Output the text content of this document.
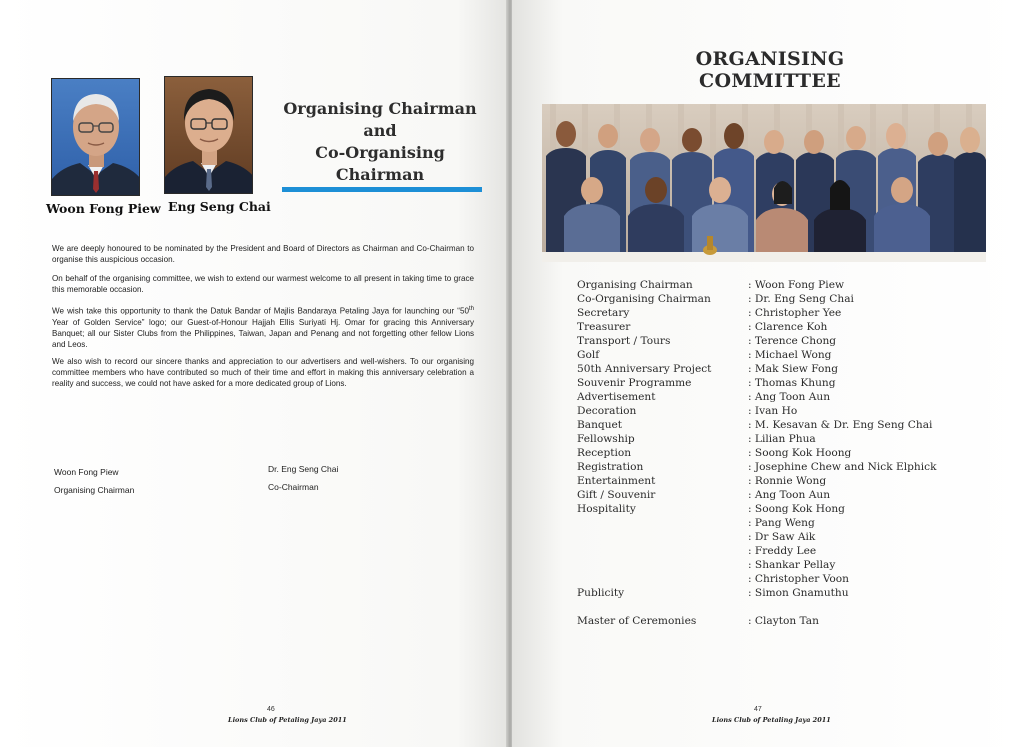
Woon Fong Piew Eng Seng Chai
Organising Chairman
and
Co-Organising Chairman

We are deeply honoured to be nominated by the President and Board of Directors as Chairman and Co-Chairman to organise this auspicious occasion.

On behalf of the organising committee, we wish to extend our warmest welcome to all present in taking time to grace this memorable occasion.

We wish take this opportunity to thank the Datuk Bandar of Majlis Bandaraya Petaling Jaya for launching our “50th Year of Golden Service” logo; our Guest-of-Honour Hajjah Ellis Suriyati Hj. Omar for gracing this Anniversary Banquet; all our Sister Clubs from the Philippines, Taiwan, Japan and Penang and not forgetting other fellow Lions and Leos.

We also wish to record our sincere thanks and appreciation to our advertisers and well-wishers. To our organising committee members who have contributed so much of their time and effort in making this anniversary celebration a reality and success, we could not have asked for a more dedicated group of Lions.

Woon Fong Piew
Organising Chairman
Dr. Eng Seng Chai
Co-Chairman
46
Lions Club of Petaling Jaya 2011
ORGANISING COMMITTEE
Organising Chairman	: Woon Fong Piew
Co-Organising Chairman	: Dr. Eng Seng Chai
Secretary	: Christopher Yee
Treasurer	: Clarence Koh
Transport / Tours	: Terence Chong
Golf	: Michael Wong
50th Anniversary Project	: Mak Siew Fong
Souvenir Programme	: Thomas Khung
Advertisement	: Ang Toon Aun
Decoration	: Ivan Ho
Banquet	: M. Kesavan & Dr. Eng Seng Chai
Fellowship	: Lilian Phua
Reception	: Soong Kok Hoong
Registration	: Josephine Chew and Nick Elphick
Entertainment	: Ronnie Wong
Gift / Souvenir	: Ang Toon Aun
Hospitality	: Soong Kok Hong
: Pang Weng
: Dr Saw Aik
: Freddy Lee
: Shankar Pellay
: Christopher Voon
Publicity	: Simon Gnamuthu
Master of Ceremonies	: Clayton Tan
47
Lions Club of Petaling Jaya 2011
